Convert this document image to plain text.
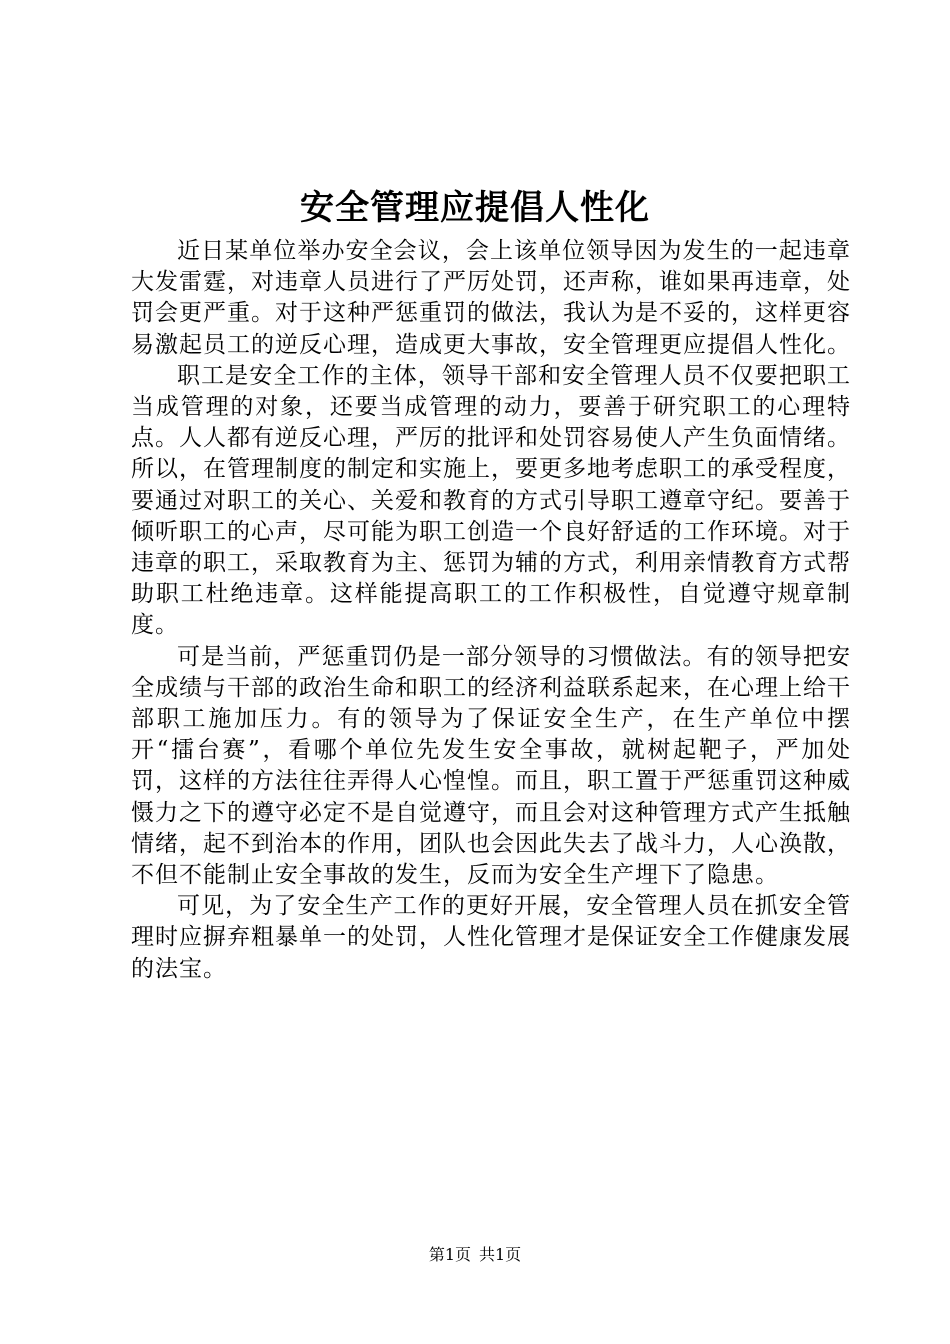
安全管理应提倡人性化

近日某单位举办安全会议，会上该单位领导因为发生的一起违章大发雷霆，对违章人员进行了严厉处罚，还声称，谁如果再违章，处罚会更严重。对于这种严惩重罚的做法，我认为是不妥的，这样更容易激起员工的逆反心理，造成更大事故，安全管理更应提倡人性化。

职工是安全工作的主体，领导干部和安全管理人员不仅要把职工当成管理的对象，还要当成管理的动力，要善于研究职工的心理特点。人人都有逆反心理，严厉的批评和处罚容易使人产生负面情绪。所以，在管理制度的制定和实施上，要更多地考虑职工的承受程度，要通过对职工的关心、关爱和教育的方式引导职工遵章守纪。要善于倾听职工的心声，尽可能为职工创造一个良好舒适的工作环境。对于违章的职工，采取教育为主、惩罚为辅的方式，利用亲情教育方式帮助职工杜绝违章。这样能提高职工的工作积极性，自觉遵守规章制度。

可是当前，严惩重罚仍是一部分领导的习惯做法。有的领导把安全成绩与干部的政治生命和职工的经济利益联系起来，在心理上给干部职工施加压力。有的领导为了保证安全生产，在生产单位中摆开“擂台赛”，看哪个单位先发生安全事故，就树起靶子，严加处罚，这样的方法往往弄得人心惶惶。而且，职工置于严惩重罚这种威慑力之下的遵守必定不是自觉遵守，而且会对这种管理方式产生抵触情绪，起不到治本的作用，团队也会因此失去了战斗力，人心涣散，不但不能制止安全事故的发生，反而为安全生产埋下了隐患。

可见，为了安全生产工作的更好开展，安全管理人员在抓安全管理时应摒弃粗暴单一的处罚，人性化管理才是保证安全工作健康发展的法宝。

第1页 共1页
